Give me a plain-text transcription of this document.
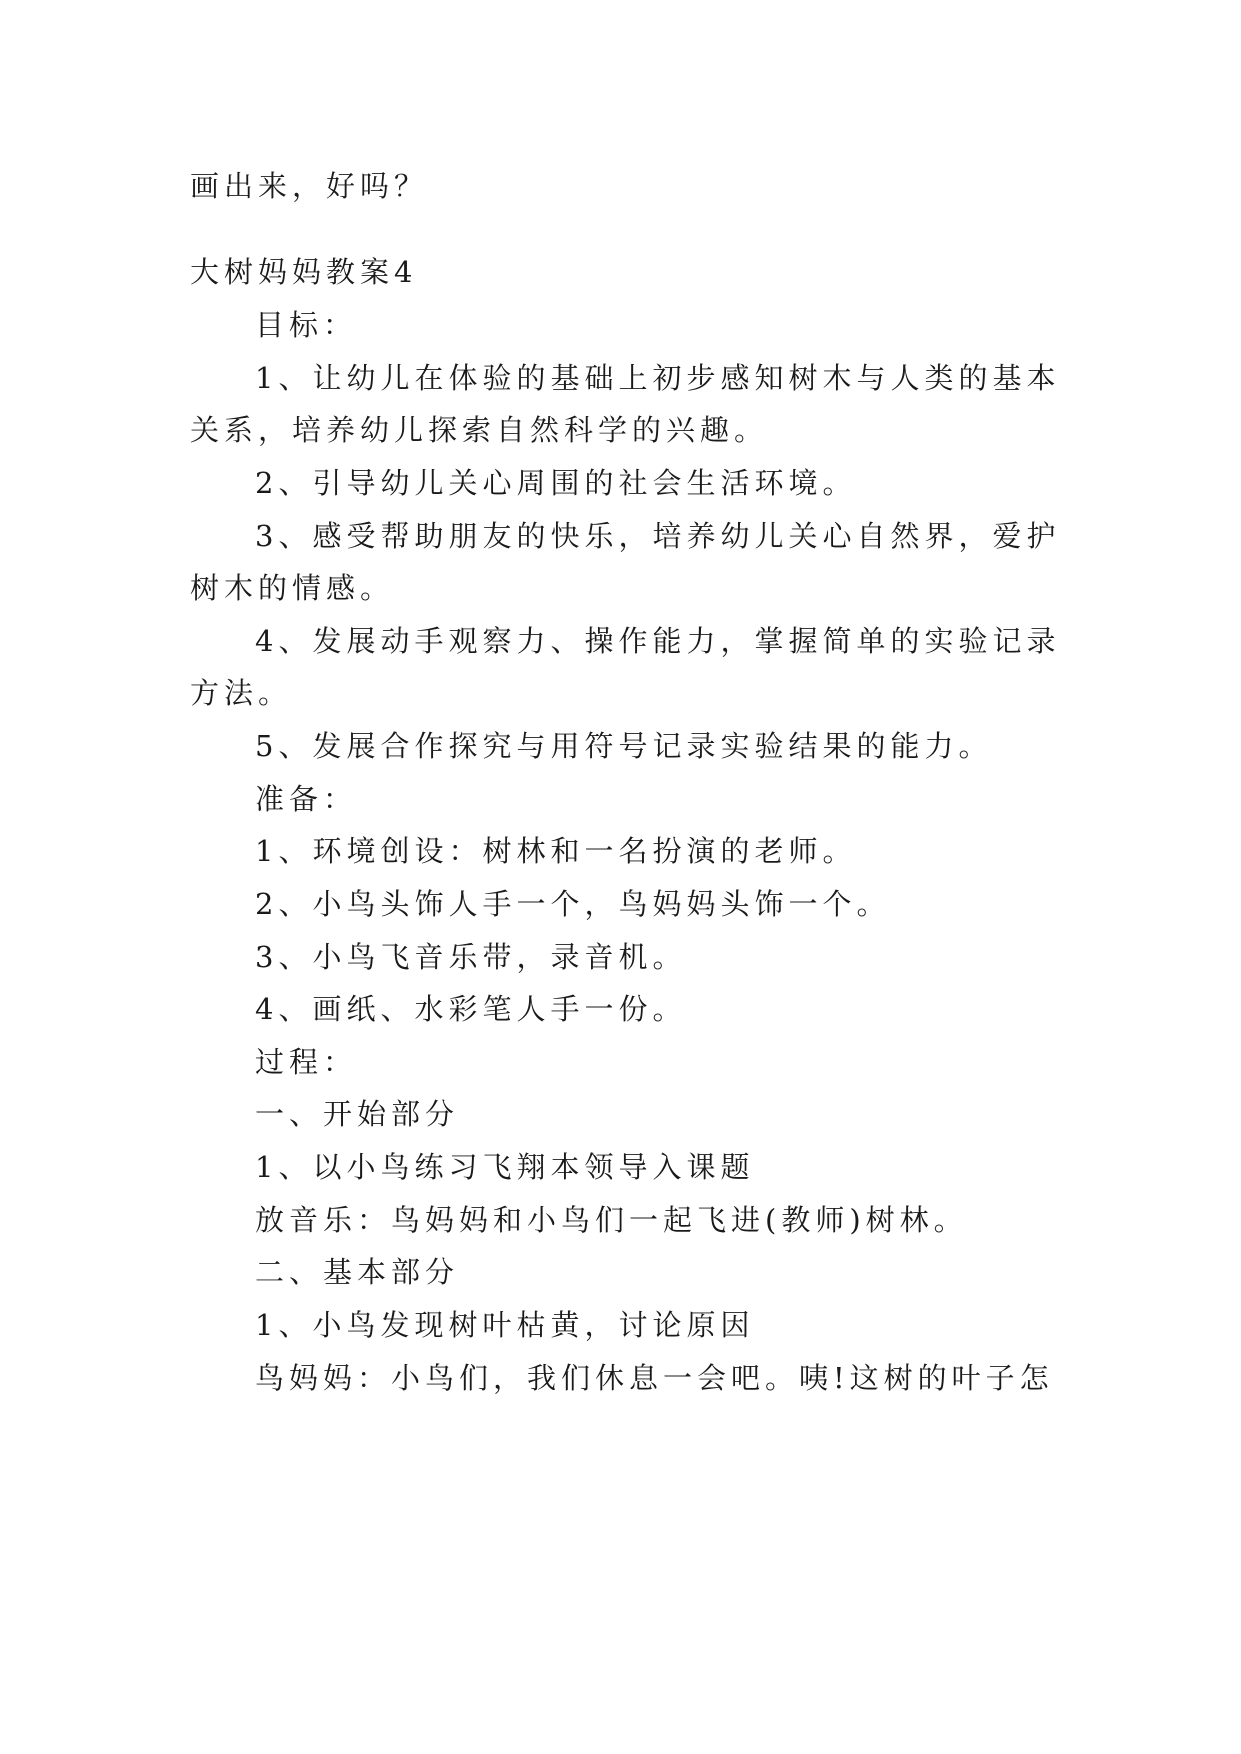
画出来，好吗？
大树妈妈教案4
目标：
1、让幼儿在体验的基础上初步感知树木与人类的基本
关系，培养幼儿探索自然科学的兴趣。
2、引导幼儿关心周围的社会生活环境。
3、感受帮助朋友的快乐，培养幼儿关心自然界，爱护
树木的情感。
4、发展动手观察力、操作能力，掌握简单的实验记录
方法。
5、发展合作探究与用符号记录实验结果的能力。
准备：
1、环境创设：树林和一名扮演的老师。
2、小鸟头饰人手一个，鸟妈妈头饰一个。
3、小鸟飞音乐带，录音机。
4、画纸、水彩笔人手一份。
过程：
一、开始部分
1、以小鸟练习飞翔本领导入课题
放音乐：鸟妈妈和小鸟们一起飞进(教师)树林。
二、基本部分
1、小鸟发现树叶枯黄，讨论原因
鸟妈妈：小鸟们，我们休息一会吧。咦!这树的叶子怎
